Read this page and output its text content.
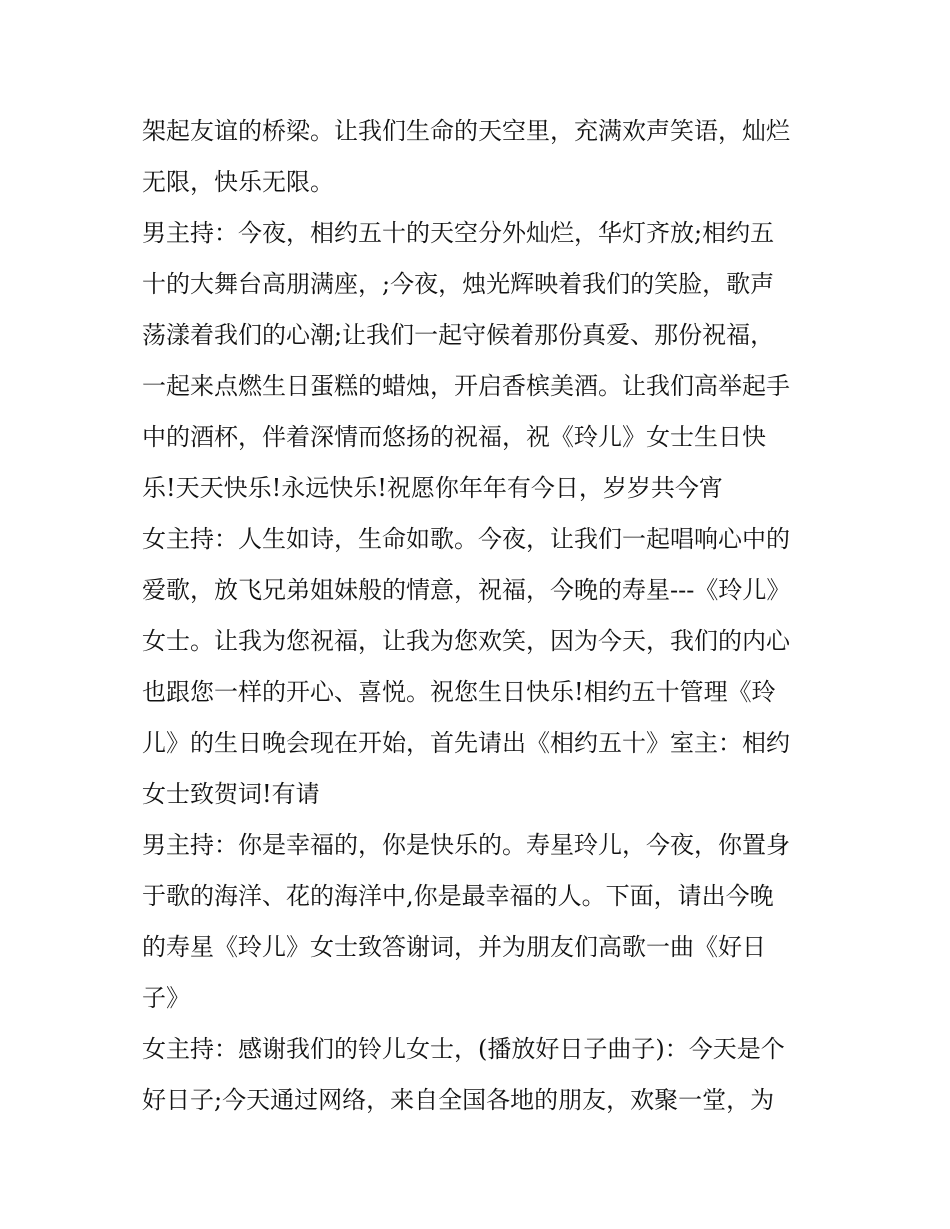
架起友谊的桥梁。让我们生命的天空里，充满欢声笑语，灿烂
无限，快乐无限。
男主持：今夜，相约五十的天空分外灿烂，华灯齐放;相约五
十的大舞台高朋满座，;今夜，烛光辉映着我们的笑脸，歌声
荡漾着我们的心潮;让我们一起守候着那份真爱、那份祝福，
一起来点燃生日蛋糕的蜡烛，开启香槟美酒。让我们高举起手
中的酒杯，伴着深情而悠扬的祝福，祝《玲儿》女士生日快
乐!天天快乐!永远快乐!祝愿你年年有今日，岁岁共今宵
女主持：人生如诗，生命如歌。今夜，让我们一起唱响心中的
爱歌，放飞兄弟姐妹般的情意，祝福，今晚的寿星---《玲儿》
女士。让我为您祝福，让我为您欢笑，因为今天，我们的内心
也跟您一样的开心、喜悦。祝您生日快乐!相约五十管理《玲
儿》的生日晚会现在开始，首先请出《相约五十》室主：相约
女士致贺词!有请
男主持：你是幸福的，你是快乐的。寿星玲儿，今夜，你置身
于歌的海洋、花的海洋中,你是最幸福的人。下面，请出今晚
的寿星《玲儿》女士致答谢词，并为朋友们高歌一曲《好日
子》
女主持：感谢我们的铃儿女士，(播放好日子曲子)：今天是个
好日子;今天通过网络，来自全国各地的朋友，欢聚一堂，为
